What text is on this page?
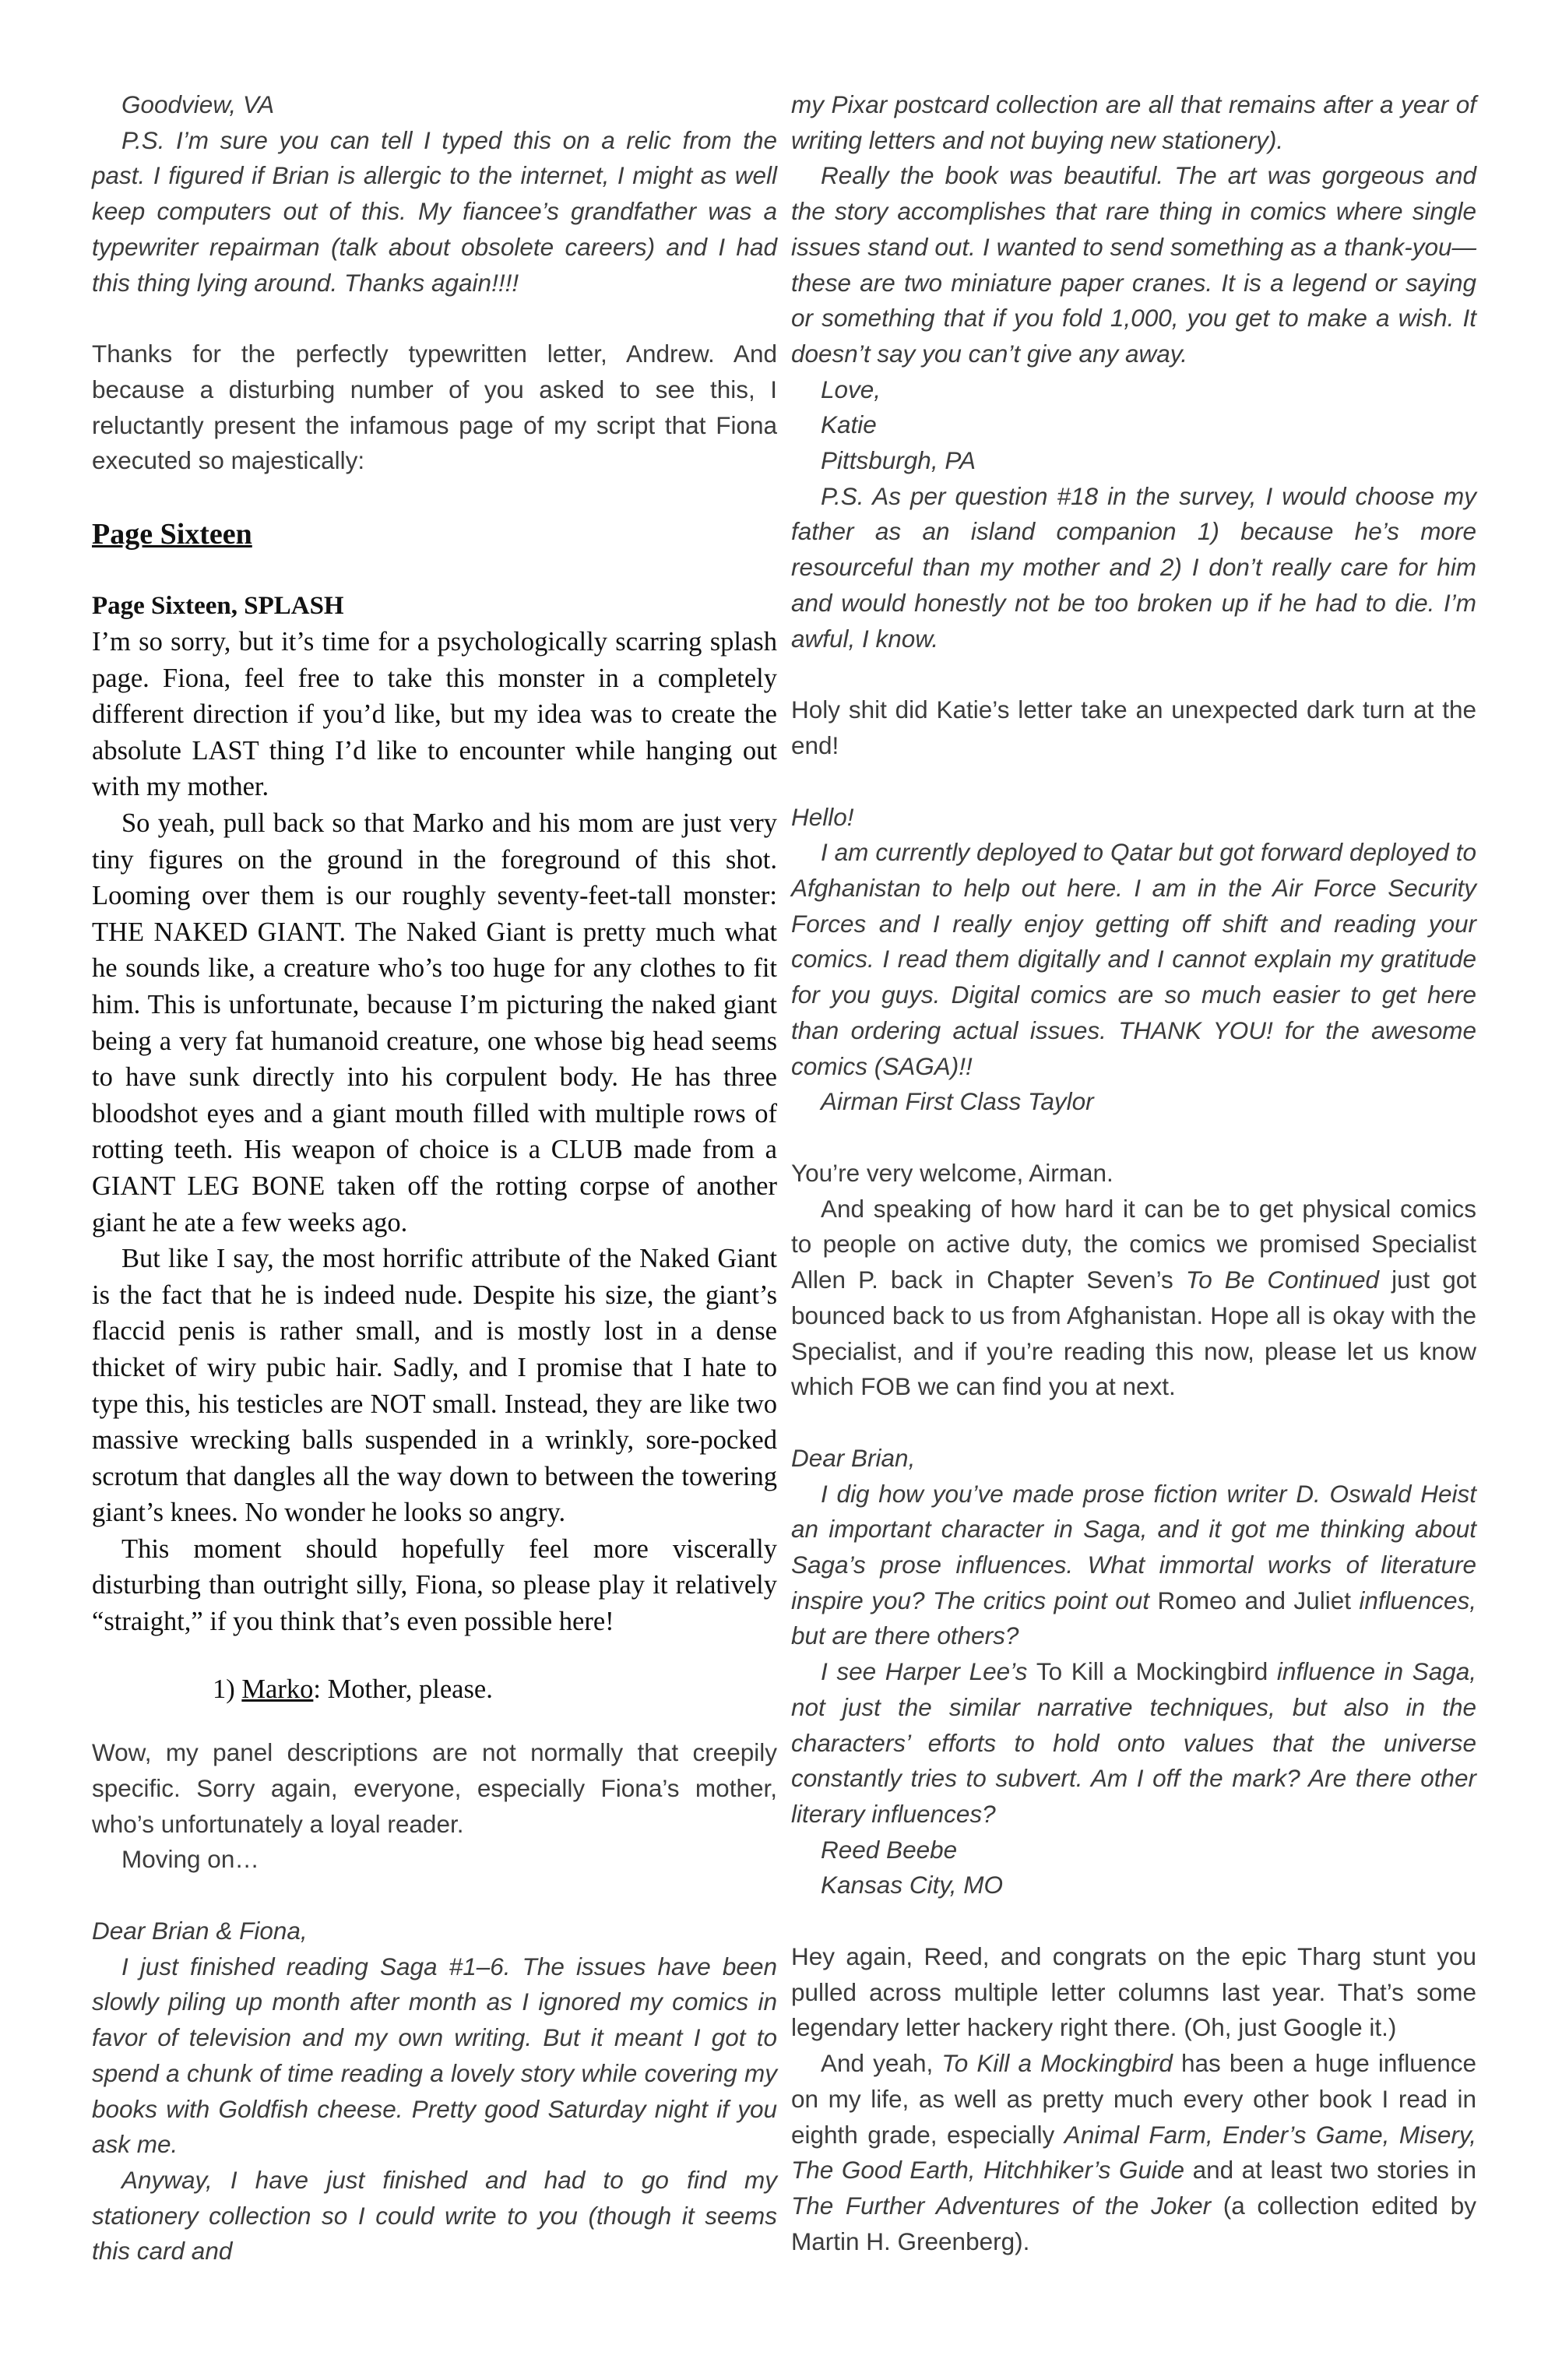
Goodview, VA

P.S. I’m sure you can tell I typed this on a relic from the past. I figured if Brian is allergic to the internet, I might as well keep computers out of this. My fiancee’s grandfather was a typewriter repairman (talk about obsolete careers) and I had this thing lying around. Thanks again!!!!

Thanks for the perfectly typewritten letter, Andrew. And because a disturbing number of you asked to see this, I reluctantly present the infamous page of my script that Fiona executed so majestically:

Page Sixteen

Page Sixteen, SPLASH

I’m so sorry, but it’s time for a psychologically scarring splash page. Fiona, feel free to take this monster in a completely different direction if you’d like, but my idea was to create the absolute LAST thing I’d like to encounter while hanging out with my mother.

So yeah, pull back so that Marko and his mom are just very tiny figures on the ground in the foreground of this shot. Looming over them is our roughly seventy-feet-tall monster: THE NAKED GIANT. The Naked Giant is pretty much what he sounds like, a creature who’s too huge for any clothes to fit him. This is unfortunate, because I’m picturing the naked giant being a very fat humanoid creature, one whose big head seems to have sunk directly into his corpulent body. He has three bloodshot eyes and a giant mouth filled with multiple rows of rotting teeth. His weapon of choice is a CLUB made from a GIANT LEG BONE taken off the rotting corpse of another giant he ate a few weeks ago.

But like I say, the most horrific attribute of the Naked Giant is the fact that he is indeed nude. Despite his size, the giant’s flaccid penis is rather small, and is mostly lost in a dense thicket of wiry pubic hair. Sadly, and I promise that I hate to type this, his testicles are NOT small. Instead, they are like two massive wrecking balls suspended in a wrinkly, sore-pocked scrotum that dangles all the way down to between the towering giant’s knees. No wonder he looks so angry.

This moment should hopefully feel more viscerally disturbing than outright silly, Fiona, so please play it relatively “straight,” if you think that’s even possible here!

1) Marko: Mother, please.

Wow, my panel descriptions are not normally that creepily specific. Sorry again, everyone, especially Fiona’s mother, who’s unfortunately a loyal reader.

Moving on…

Dear Brian & Fiona,

I just finished reading Saga #1–6. The issues have been slowly piling up month after month as I ignored my comics in favor of television and my own writing. But it meant I got to spend a chunk of time reading a lovely story while covering my books with Goldfish cheese. Pretty good Saturday night if you ask me.

Anyway, I have just finished and had to go find my stationery collection so I could write to you (though it seems this card and

my Pixar postcard collection are all that remains after a year of writing letters and not buying new stationery).

Really the book was beautiful. The art was gorgeous and the story accomplishes that rare thing in comics where single issues stand out. I wanted to send something as a thank-you—these are two miniature paper cranes. It is a legend or saying or something that if you fold 1,000, you get to make a wish. It doesn’t say you can’t give any away.

Love,

Katie

Pittsburgh, PA

P.S. As per question #18 in the survey, I would choose my father as an island companion 1) because he’s more resourceful than my mother and 2) I don’t really care for him and would honestly not be too broken up if he had to die. I’m awful, I know.

Holy shit did Katie’s letter take an unexpected dark turn at the end!

Hello!

I am currently deployed to Qatar but got forward deployed to Afghanistan to help out here. I am in the Air Force Security Forces and I really enjoy getting off shift and reading your comics. I read them digitally and I cannot explain my gratitude for you guys. Digital comics are so much easier to get here than ordering actual issues. THANK YOU! for the awesome comics (SAGA)!!

Airman First Class Taylor

You’re very welcome, Airman.

And speaking of how hard it can be to get physical comics to people on active duty, the comics we promised Specialist Allen P. back in Chapter Seven’s To Be Continued just got bounced back to us from Afghanistan. Hope all is okay with the Specialist, and if you’re reading this now, please let us know which FOB we can find you at next.

Dear Brian,

I dig how you’ve made prose fiction writer D. Oswald Heist an important character in Saga, and it got me thinking about Saga’s prose influences. What immortal works of literature inspire you? The critics point out Romeo and Juliet influences, but are there others?

I see Harper Lee’s To Kill a Mockingbird influence in Saga, not just the similar narrative techniques, but also in the characters’ efforts to hold onto values that the universe constantly tries to subvert. Am I off the mark? Are there other literary influences?

Reed Beebe

Kansas City, MO

Hey again, Reed, and congrats on the epic Tharg stunt you pulled across multiple letter columns last year. That’s some legendary letter hackery right there. (Oh, just Google it.)

And yeah, To Kill a Mockingbird has been a huge influence on my life, as well as pretty much every other book I read in eighth grade, especially Animal Farm, Ender’s Game, Misery, The Good Earth, Hitchhiker’s Guide and at least two stories in The Further Adventures of the Joker (a collection edited by Martin H. Greenberg).
